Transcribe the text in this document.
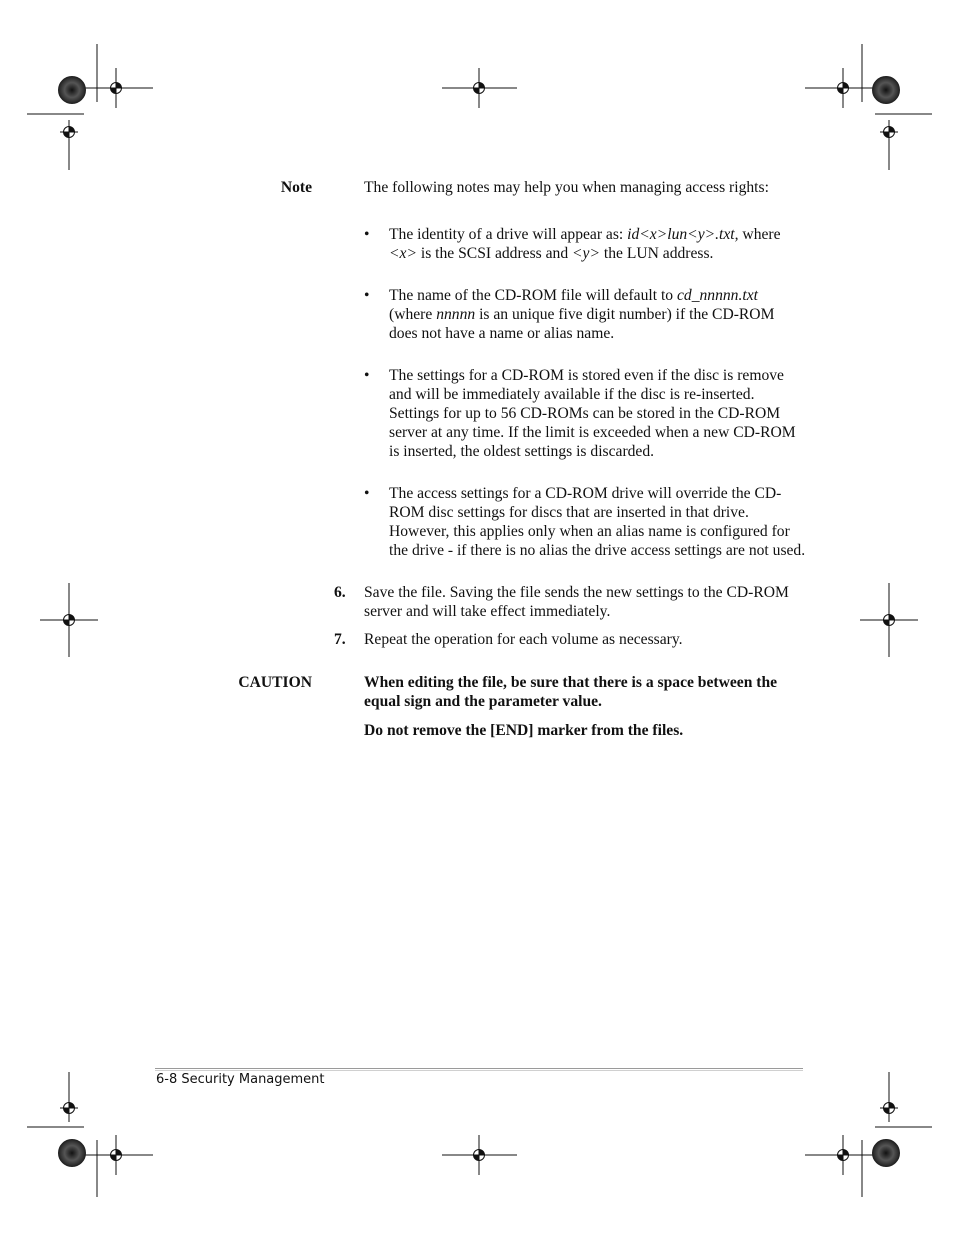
Note	The following notes may help you when managing access rights:
• The identity of a drive will appear as: id<x>lun<y>.txt, where <x> is the SCSI address and <y> the LUN address.
• The name of the CD-ROM file will default to cd_nnnnn.txt (where nnnnn is an unique five digit number) if the CD-ROM does not have a name or alias name.
• The settings for a CD-ROM is stored even if the disc is remove and will be immediately available if the disc is re-inserted. Settings for up to 56 CD-ROMs can be stored in the CD-ROM server at any time. If the limit is exceeded when a new CD-ROM is inserted, the oldest settings is discarded.
• The access settings for a CD-ROM drive will override the CD-ROM disc settings for discs that are inserted in that drive. However, this applies only when an alias name is configured for the drive - if there is no alias the drive access settings are not used.
6. Save the file. Saving the file sends the new settings to the CD-ROM server and will take effect immediately.
7. Repeat the operation for each volume as necessary.
CAUTION	When editing the file, be sure that there is a space between the equal sign and the parameter value.
Do not remove the [END] marker from the files.
6-8 Security Management
